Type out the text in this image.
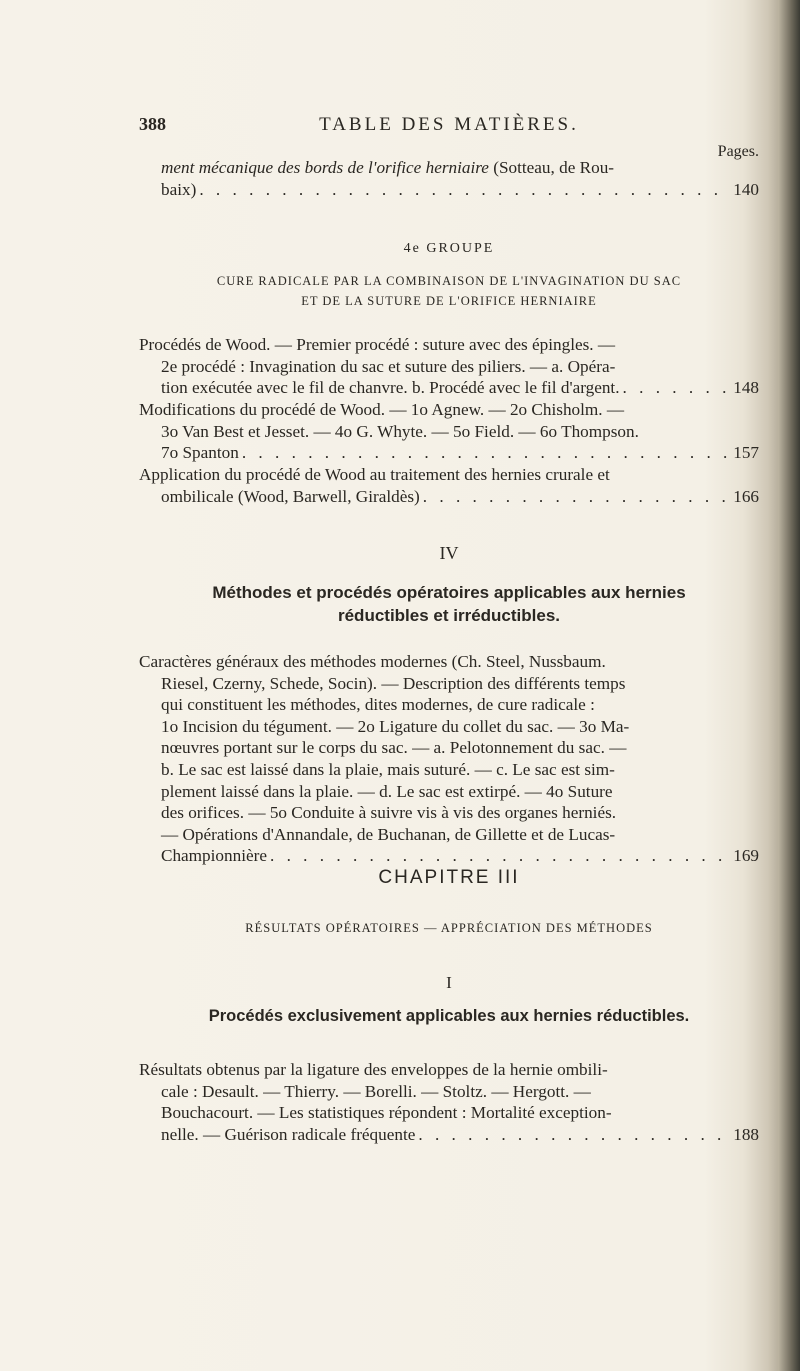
388	TABLE DES MATIÈRES.
Pages.
ment mécanique des bords de l'orifice herniaire (Sotteau, de Rou-
baix) . . .	140
4e GROUPE
CURE RADICALE PAR LA COMBINAISON DE L'INVAGINATION DU SAC
ET DE LA SUTURE DE L'ORIFICE HERNIAIRE
Procédés de Wood. — Premier procédé : suture avec des épingles. —
2e procédé : Invagination du sac et suture des piliers. — a. Opéra-
tion exécutée avec le fil de chanvre. b. Procédé avec le fil d'argent. . . .	148
Modifications du procédé de Wood. — 1o Agnew. — 2o Chisholm. —
3o Van Best et Jesset. — 4o G. Whyte. — 5o Field. — 6o Thompson.
7o Spanton . . .	157
Application du procédé de Wood au traitement des hernies crurale et
ombilicale (Wood, Barwell, Giraldès) . . .	166
IV
Méthodes et procédés opératoires applicables aux hernies
réductibles et irréductibles.
Caractères généraux des méthodes modernes (Ch. Steel, Nussbaum.
Riesel, Czerny, Schede, Socin). — Description des différents temps
qui constituent les méthodes, dites modernes, de cure radicale :
1o Incision du tégument. — 2o Ligature du collet du sac. — 3o Ma-
nœuvres portant sur le corps du sac. — a. Pelotonnement du sac. —
b. Le sac est laissé dans la plaie, mais suturé. — c. Le sac est sim-
plement laissé dans la plaie. — d. Le sac est extirpé. — 4o Suture
des orifices. — 5o Conduite à suivre vis à vis des organes herniés.
— Opérations d'Annandale, de Buchanan, de Gillette et de Lucas-
Championnière . . .	169
CHAPITRE III
RÉSULTATS OPÉRATOIRES — APPRÉCIATION DES MÉTHODES
I
Procédés exclusivement applicables aux hernies réductibles.
Résultats obtenus par la ligature des enveloppes de la hernie ombili-
cale : Desault. — Thierry. — Borelli. — Stoltz. — Hergott. —
Bouchacourt. — Les statistiques répondent : Mortalité exception-
nelle. — Guérison radicale fréquente . . .	188
